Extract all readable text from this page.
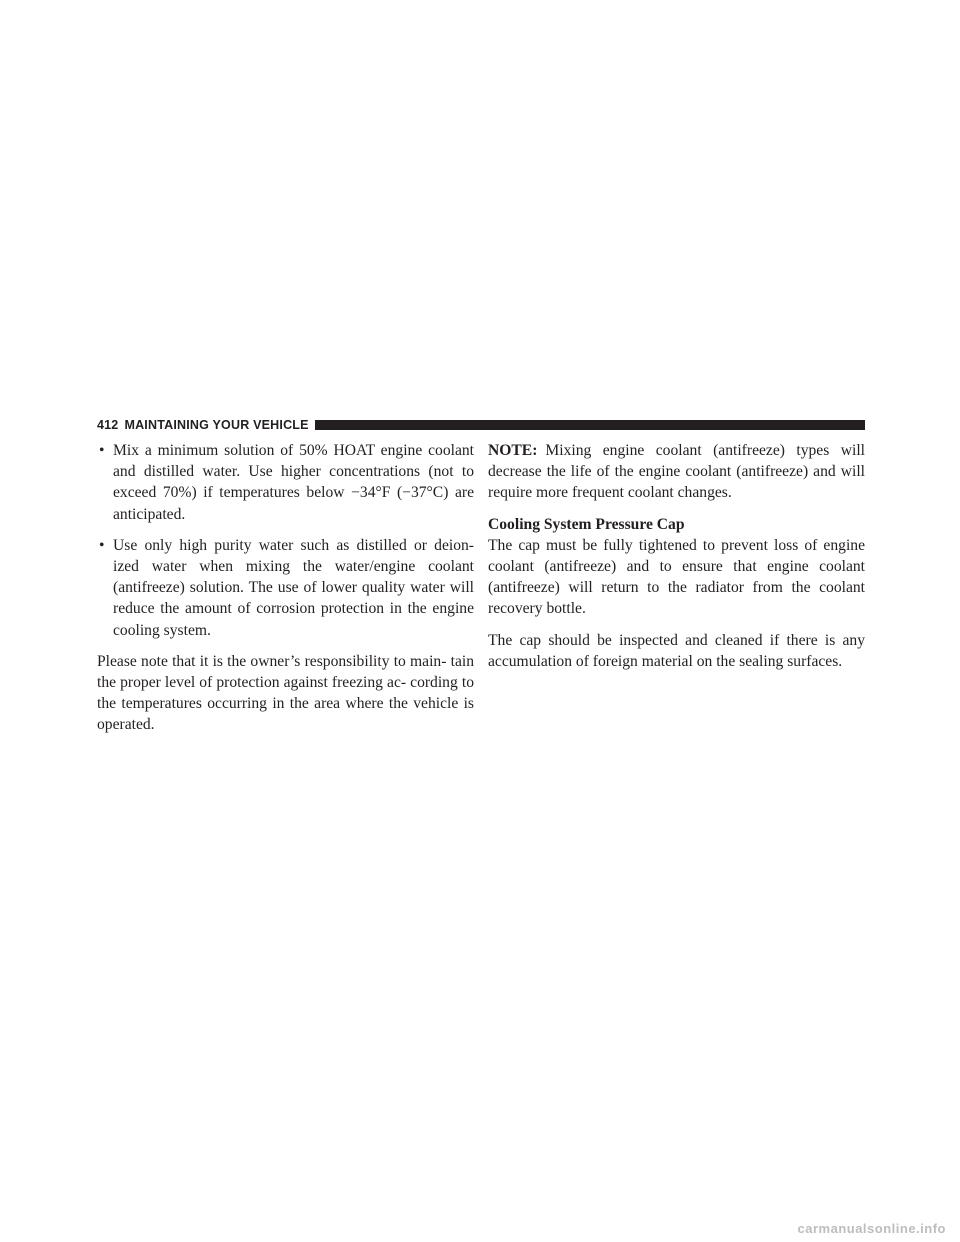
412 MAINTAINING YOUR VEHICLE
• Mix a minimum solution of 50% HOAT engine coolant and distilled water. Use higher concentrations (not to exceed 70%) if temperatures below −34°F (−37°C) are anticipated.
• Use only high purity water such as distilled or deion- ized water when mixing the water/engine coolant (antifreeze) solution. The use of lower quality water will reduce the amount of corrosion protection in the engine cooling system.

Please note that it is the owner’s responsibility to main- tain the proper level of protection against freezing ac- cording to the temperatures occurring in the area where the vehicle is operated.

NOTE: Mixing engine coolant (antifreeze) types will decrease the life of the engine coolant (antifreeze) and will require more frequent coolant changes.

Cooling System Pressure Cap

The cap must be fully tightened to prevent loss of engine coolant (antifreeze) and to ensure that engine coolant (antifreeze) will return to the radiator from the coolant recovery bottle.

The cap should be inspected and cleaned if there is any accumulation of foreign material on the sealing surfaces.

carmanualsonline.info
